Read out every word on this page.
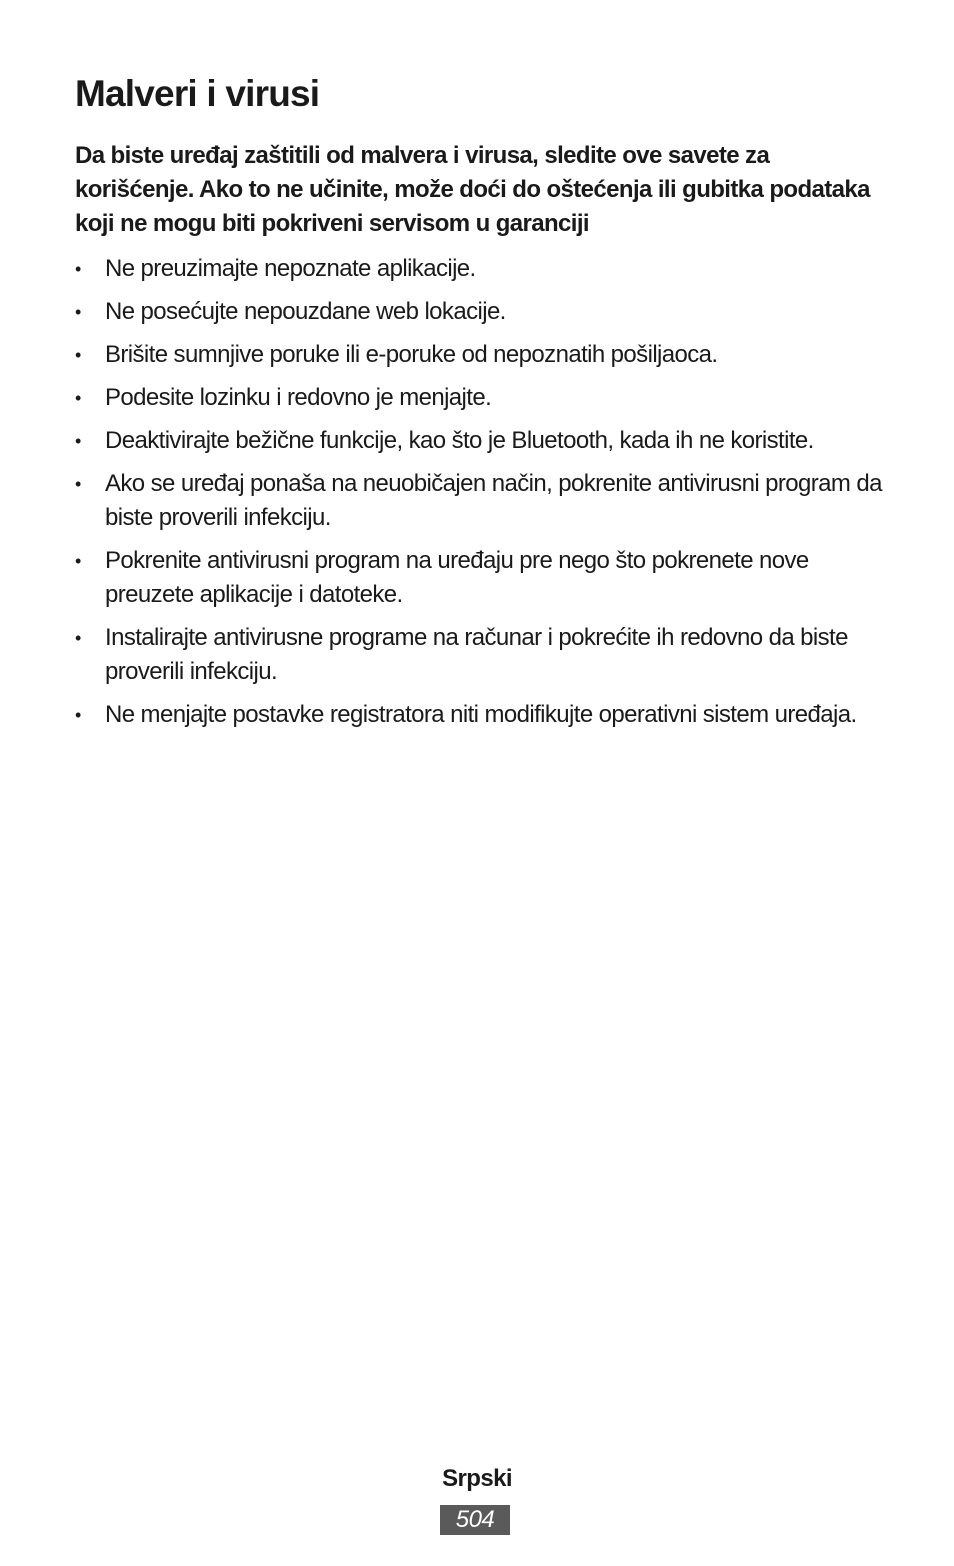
Malveri i virusi

Da biste uređaj zaštitili od malvera i virusa, sledite ove savete za korišćenje. Ako to ne učinite, može doći do oštećenja ili gubitka podataka koji ne mogu biti pokriveni servisom u garanciji

•	Ne preuzimajte nepoznate aplikacije.
•	Ne posećujte nepouzdane web lokacije.
•	Brišite sumnjive poruke ili e-poruke od nepoznatih pošiljaoca.
•	Podesite lozinku i redovno je menjajte.
•	Deaktivirajte bežične funkcije, kao što je Bluetooth, kada ih ne koristite.
•	Ako se uređaj ponaša na neuobičajen način, pokrenite antivirusni program da biste proverili infekciju.
•	Pokrenite antivirusni program na uređaju pre nego što pokrenete nove preuzete aplikacije i datoteke.
•	Instalirajte antivirusne programe na računar i pokrećite ih redovno da biste proverili infekciju.
•	Ne menjajte postavke registratora niti modifikujte operativni sistem uređaja.
Srpski
504
